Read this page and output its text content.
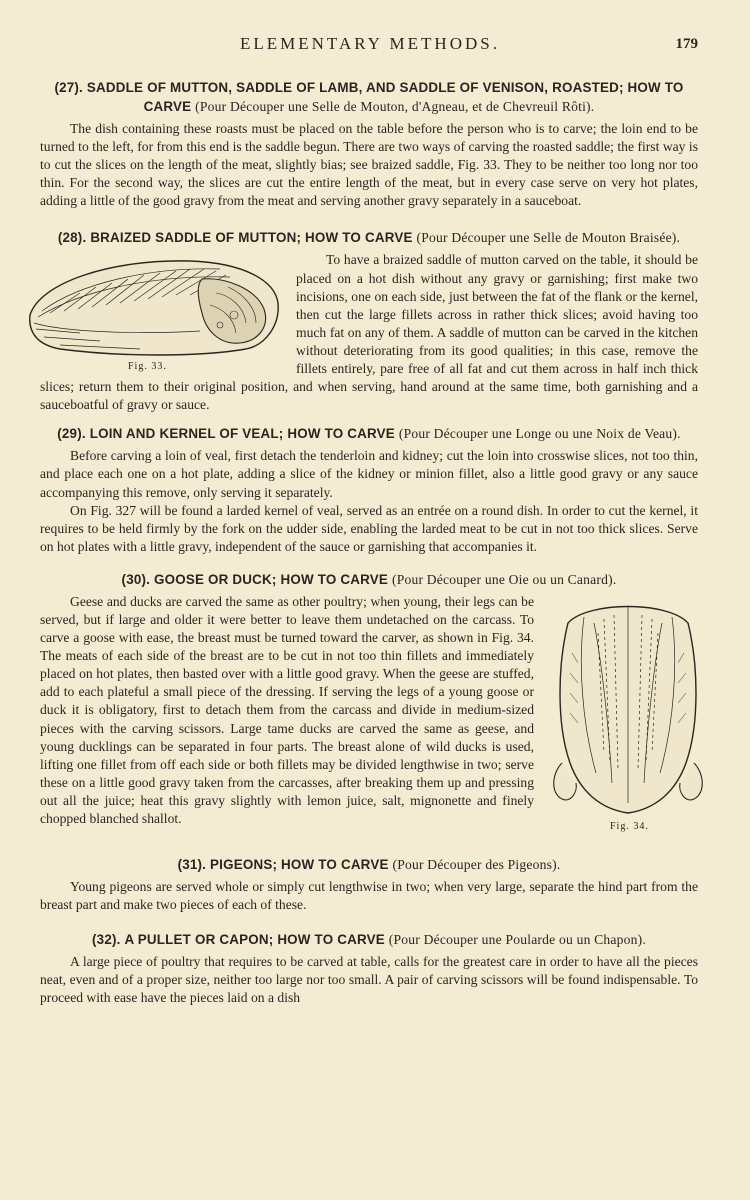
ELEMENTARY METHODS.	179
(27). SADDLE OF MUTTON, SADDLE OF LAMB, AND SADDLE OF VENISON, ROASTED; HOW TO CARVE (Pour Découper une Selle de Mouton, d'Agneau, et de Chevreuil Rôti).

The dish containing these roasts must be placed on the table before the person who is to carve; the loin end to be turned to the left, for from this end is the saddle begun. There are two ways of carving the roasted saddle; the first way is to cut the slices on the length of the meat, slightly bias; see braized saddle, Fig. 33. They to be neither too long nor too thin. For the second way, the slices are cut the entire length of the meat, but in every case serve on very hot plates, adding a little of the good gravy from the meat and serving another gravy separately in a sauceboat.

(28). BRAIZED SADDLE OF MUTTON; HOW TO CARVE (Pour Découper une Selle de Mouton Braisée).
Fig. 33.

To have a braized saddle of mutton carved on the table, it should be placed on a hot dish without any gravy or garnishing; first make two incisions, one on each side, just between the fat of the flank or the kernel, then cut the large fillets across in rather thick slices; avoid having too much fat on any of them. A saddle of mutton can be carved in the kitchen without deteriorating from its good qualities; in this case, remove the fillets entirely, pare free of all fat and cut them across in half inch thick slices; return them to their original position, and when serving, hand around at the same time, both garnishing and a sauceboatful of gravy or sauce.

(29). LOIN AND KERNEL OF VEAL; HOW TO CARVE (Pour Découper une Longe ou une Noix de Veau).

Before carving a loin of veal, first detach the tenderloin and kidney; cut the loin into crosswise slices, not too thin, and place each one on a hot plate, adding a slice of the kidney or minion fillet, also a little good gravy or any sauce accompanying this remove, only serving it separately.

On Fig. 327 will be found a larded kernel of veal, served as an entrée on a round dish. In order to cut the kernel, it requires to be held firmly by the fork on the udder side, enabling the larded meat to be cut in not too thick slices. Serve on hot plates with a little gravy, independent of the sauce or garnishing that accompanies it.

(30). GOOSE OR DUCK; HOW TO CARVE (Pour Découper une Oie ou un Canard).
Fig. 34.

Geese and ducks are carved the same as other poultry; when young, their legs can be served, but if large and older it were better to leave them undetached on the carcass. To carve a goose with ease, the breast must be turned toward the carver, as shown in Fig. 34. The meats of each side of the breast are to be cut in not too thin fillets and immediately placed on hot plates, then basted over with a little good gravy. When the geese are stuffed, add to each plateful a small piece of the dressing. If serving the legs of a young goose or duck it is obligatory, first to detach them from the carcass and divide in medium-sized pieces with the carving scissors. Large tame ducks are carved the same as geese, and young ducklings can be separated in four parts. The breast alone of wild ducks is used, lifting one fillet from off each side or both fillets may be divided lengthwise in two; serve these on a little good gravy taken from the carcasses, after breaking them up and pressing out all the juice; heat this gravy slightly with lemon juice, salt, mignonette and finely chopped blanched shallot.

(31). PIGEONS; HOW TO CARVE (Pour Découper des Pigeons).

Young pigeons are served whole or simply cut lengthwise in two; when very large, separate the hind part from the breast part and make two pieces of each of these.

(32). A PULLET OR CAPON; HOW TO CARVE (Pour Découper une Poularde ou un Chapon).

A large piece of poultry that requires to be carved at table, calls for the greatest care in order to have all the pieces neat, even and of a proper size, neither too large nor too small. A pair of carving scissors will be found indispensable. To proceed with ease have the pieces laid on a dish
